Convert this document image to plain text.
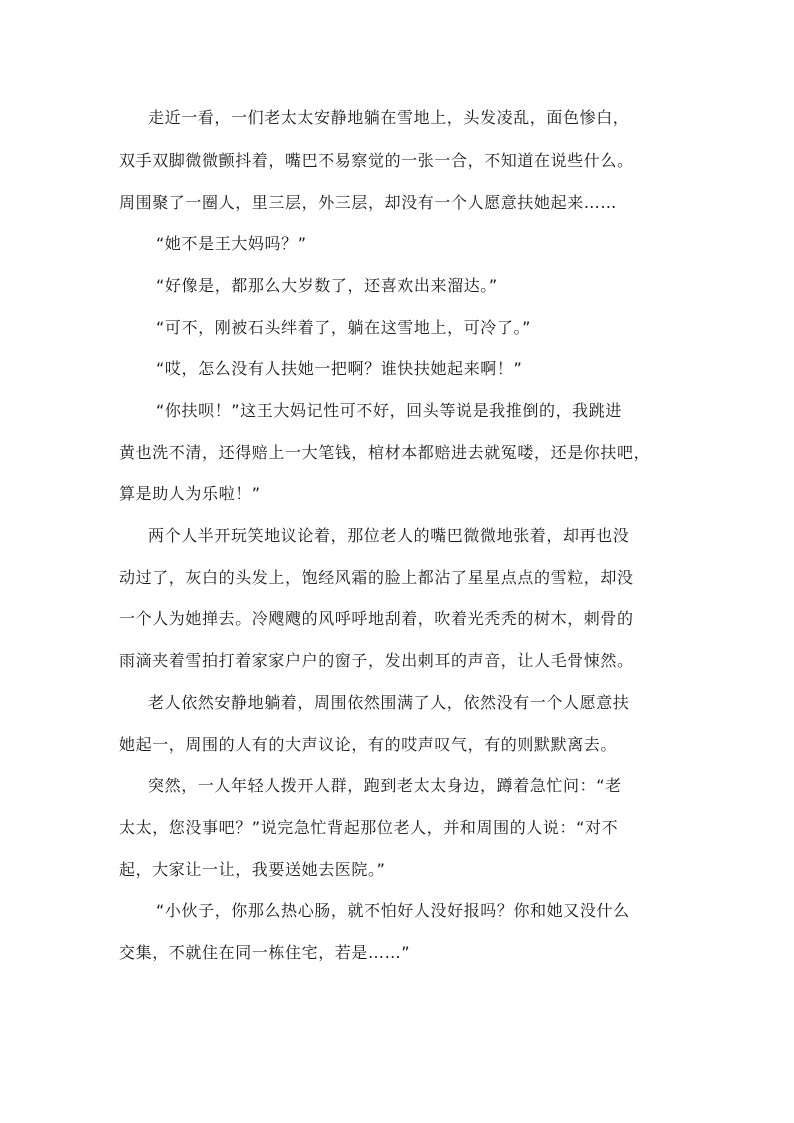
走近一看，一们老太太安静地躺在雪地上，头发凌乱，面色惨白，
双手双脚微微颤抖着，嘴巴不易察觉的一张一合，不知道在说些什么。
周围聚了一圈人，里三层，外三层，却没有一个人愿意扶她起来……
“她不是王大妈吗？”
“好像是，都那么大岁数了，还喜欢出来溜达。”
“可不，刚被石头绊着了，躺在这雪地上，可冷了。”
“哎，怎么没有人扶她一把啊？谁快扶她起来啊！”
“你扶呗！”这王大妈记性可不好，回头等说是我推倒的，我跳进
黄也洗不清，还得赔上一大笔钱，棺材本都赔进去就冤喽，还是你扶吧，
算是助人为乐啦！”
两个人半开玩笑地议论着，那位老人的嘴巴微微地张着，却再也没
动过了，灰白的头发上，饱经风霜的脸上都沾了星星点点的雪粒，却没
一个人为她掸去。冷飕飕的风呼呼地刮着，吹着光秃秃的树木，刺骨的
雨滴夹着雪拍打着家家户户的窗子，发出刺耳的声音，让人毛骨悚然。
老人依然安静地躺着，周围依然围满了人，依然没有一个人愿意扶
她起一，周围的人有的大声议论，有的哎声叹气，有的则默默离去。
突然，一人年轻人拨开人群，跑到老太太身边，蹲着急忙问：“老
太太，您没事吧？”说完急忙背起那位老人，并和周围的人说：“对不
起，大家让一让，我要送她去医院。”
“小伙子，你那么热心肠，就不怕好人没好报吗？你和她又没什么
交集，不就住在同一栋住宅，若是……”
